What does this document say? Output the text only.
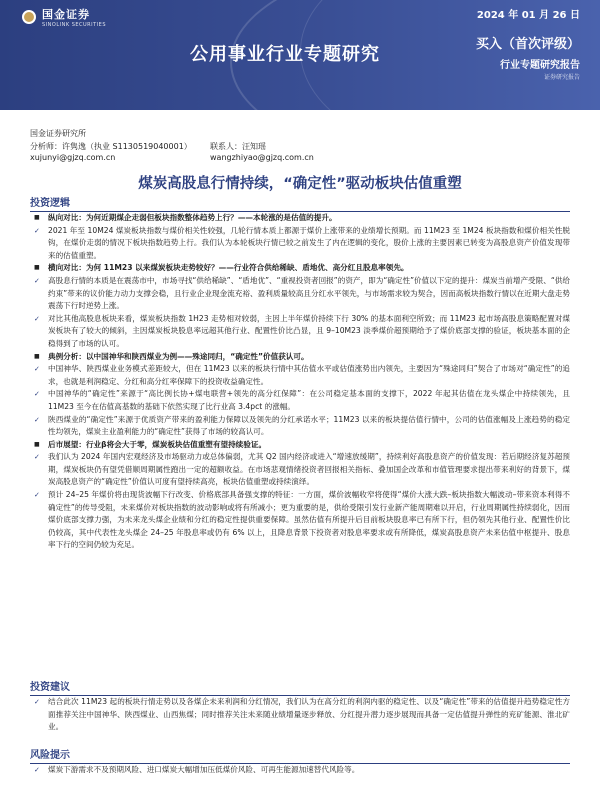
国金证券
SINOLINK SECURITIES
2024 年 01 月 26 日
公用事业行业专题研究	买入（首次评级）
行业专题研究报告
证券研究报告
国金证券研究所
分析师：许隽逸（执业 S1130519040001） 联系人：汪知瑶
xujunyi@gjzq.com.cn	wangzhiyao@gjzq.com.cn
煤炭高股息行情持续，“确定性”驱动板块估值重塑
投资逻辑
■ 纵向对比：为何近期煤企走弱但板块指数整体趋势上行？——本轮涨的是估值的提升。
✓ 2021 年至 10M24 煤炭板块指数与煤价相关性较强，几轮行情本质上都源于煤价上涨带来的业绩增长预期。而 11M23 至 1M24 板块指数和煤价相关性脱钩，在煤价走弱的情况下板块指数趋势上行。我们认为本轮板块行情已较之前发生了内在逻辑的变化，股价上涨的主要因素已转变为高股息资产价值发现带来的估值重塑。
■ 横向对比：为何 11M23 以来煤炭板块走势较好？——行业符合供给稀缺、盾地优、高分红且股息率领先。
✓ 高股息行情的本质是在震荡市中，市场寻找“供给稀缺”、“盾地优”、“重视投资者回报”的资产，即为“确定性”价值以下定的提升：煤炭当前增产受限、“供给约束”带来的议价能力动力支撑会稳，且行业企业现金流充裕、盈利质量较高且分红水平领先，与市场需求较为契合，因而高板块指数行情以在近期大盘走势震荡下行时逆势上涨。
✓ 对比其他高股息板块来看，煤炭板块指数 1H23 走势相对较弱，主因上半年煤价持续下行 30% 的基本面利空所致；而 11M23 起市场高股息策略配置对煤炭板块有了较大的倾斜，主因煤炭板块股息率远超其他行业、配置性价比凸显，且 9–10M23 淡季煤价超预期给予了煤价底部支撑的验证，板块基本面的企稳得到了市场的认可。
■ 典例分析：以中国神华和陕西煤业为例——殊途同归，“确定性”价值获认可。
✓ 中国神华、陕西煤业业务模式差距较大，但在 11M23 以来的板块行情中其估值水平或估值涨势出内领先，主要因为“殊途同归”契合了市场对“确定性”的追求，也就是利润稳定、分红和高分红率保障下的投资收益确定性。
✓ 中国神华的“确定性”来源于“高比例长协+煤电联营+领先的高分红保障”：在公司稳定基本面的支撑下，2022 年起其估值在龙头煤企中持续领先，且 11M23 至今在估值高基数的基础下依然实现了比行业高 3.4pct 的涨幅。
✓ 陕西煤业的“确定性”来源于优质资产带来的盈利能力保障以及领先的分红承诺水平；11M23 以来的板块提估值行情中，公司的估值涨幅及上涨趋势的稳定性均领先，煤炭主业盈利能力的“确定性”获得了市场的较高认可。
■ 后市展望：行业β将会大于零，煤炭板块估值重塑有望持续验证。
✓ 我们认为 2024 年国内宏观经济及市场驱动力或总体偏弱，尤其 Q2 国内经济或进入“增速放缓期”，持续利好高股息资产的价值发现：若后期经济复苏超预期，煤炭板块仍有望凭借顺周期属性跑出一定的超额收益。在市场悲观情绪投资者回报相关指标、叠加国企改革和市值管理要求提出带来利好的背景下，煤炭高股息资产的“确定性”价值认可度有望持续高亮，板块估值重塑或持续演绎。
✓ 预计 24–25 年煤价将由现货波幅下行改变、价格底部具备强支撑的特征：一方面，煤价波幅收窄将使得“煤价大涨大跌–板块指数大幅波动–带来资本利得不确定性”的传导受阻，未来煤价对板块指数的波动影响或将有所减小；更为重要的是，供给受限引发行业新产能周期难以开启，行业周期属性持续弱化，因而煤价底部支撑力强，为未来龙头煤企业绩和分红的稳定性提供重要保障。虽然估值有所提升后目前板块股息率已有所下行，但仍领先其他行业、配置性价比仍较高，其中代表性龙头煤企 24–25 年股息率或仍有 6% 以上，且降息背景下投资者对股息率要求或有所降低，煤炭高股息资产未来估值中枢提升、股息率下行的空间仍较为充足。
投资建议
✓ 结合此次 11M23 起的板块行情走势以及各煤企未来利润和分红情况，我们认为在高分红的利润内驱的稳定性、以及“确定性”带来的估值提升趋势稳定性方面推荐关注中国神华、陕西煤业、山西焦煤；同时推荐关注未来随业绩增量逐步释放、分红提升潜力逐步展现而具备一定估值提升弹性的兖矿能源、淮北矿业。
风险提示
✓ 煤炭下游需求不及预期风险、进口煤炭大幅增加压低煤价风险、可再生能源加速替代风险等。
